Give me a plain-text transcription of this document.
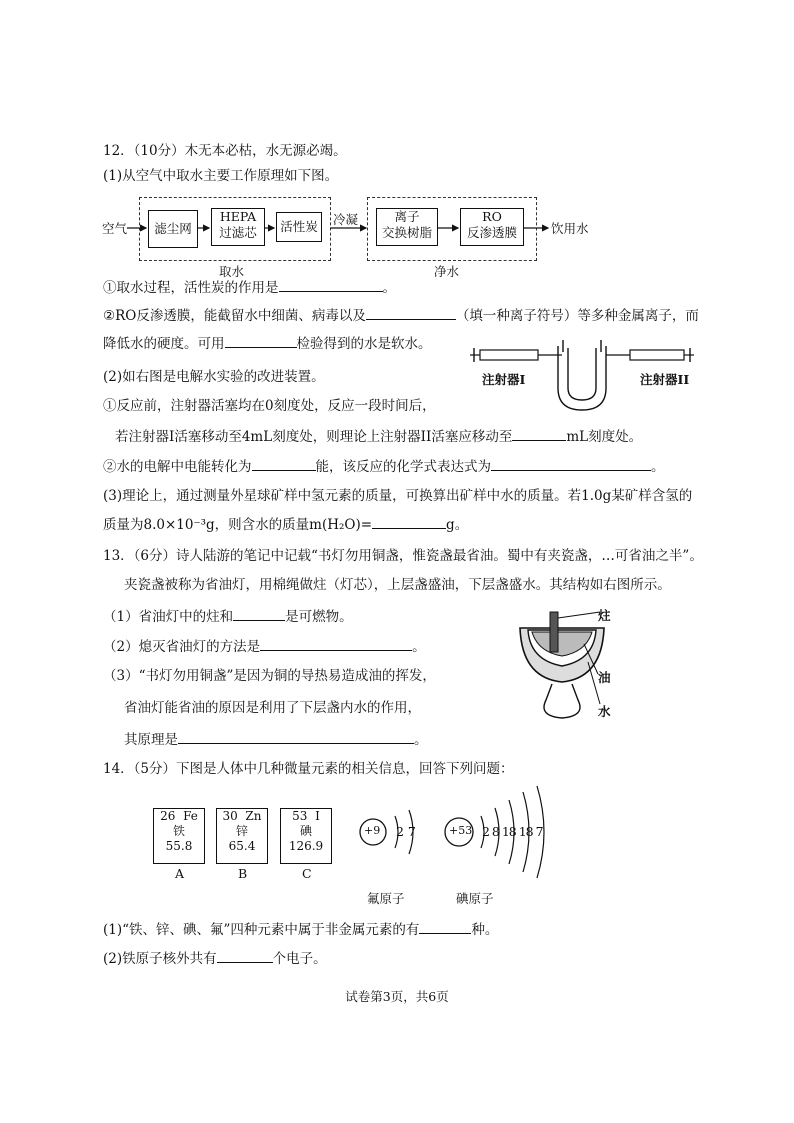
12．（10分）木无本必枯，水无源必竭。
(1)从空气中取水主要工作原理如下图。
空气	滤尘网
HEPA
过滤芯	活性炭	冷凝	离子
交换树脂
RO
反渗透膜	饮用水
取水	净水
①取水过程，活性炭的作用是	。
②RO反渗透膜，能截留水中细菌、病毒以及	（填一种离子符号）等多种金属离子，而
降低水的硬度。可用	检验得到的水是软水。
注射器I	注射器II
(2)如右图是电解水实验的改进装置。
①反应前，注射器活塞均在0刻度处，反应一段时间后，
若注射器I活塞移动至4mL刻度处，则理论上注射器II活塞应移动至	mL刻度处。
②水的电解中电能转化为	能，该反应的化学式表达式为	。
(3)理论上，通过测量外星球矿样中氢元素的质量，可换算出矿样中水的质量。若1.0g某矿样含氢的
质量为8.0×10⁻³g，则含水的质量m(H₂O)=	g。
13．（6分）诗人陆游的笔记中记载“书灯勿用铜盏，惟瓷盏最省油。蜀中有夹瓷盏，…可省油之半”。
夹瓷盏被称为省油灯，用棉绳做炷（灯芯），上层盏盛油，下层盏盛水。其结构如右图所示。
（1）省油灯中的炷和	是可燃物。
（2）熄灭省油灯的方法是	。
（3）“书灯勿用铜盏”是因为铜的导热易造成油的挥发，
省油灯能省油的原因是利用了下层盏内水的作用，
其原理是	。
炷
油
水
14．（5分）下图是人体中几种微量元素的相关信息，回答下列问题：
26 Fe
铁
55.8
30 Zn
锌
65.4
53 I
碘
126.9
A	B	C
+9 2 7	+53 2 8 18 18 7
氟原子	碘原子
(1)“铁、锌、碘、氟”四种元素中属于非金属元素的有	种。
(2)铁原子核外共有	个电子。
试卷第3页，共6页
